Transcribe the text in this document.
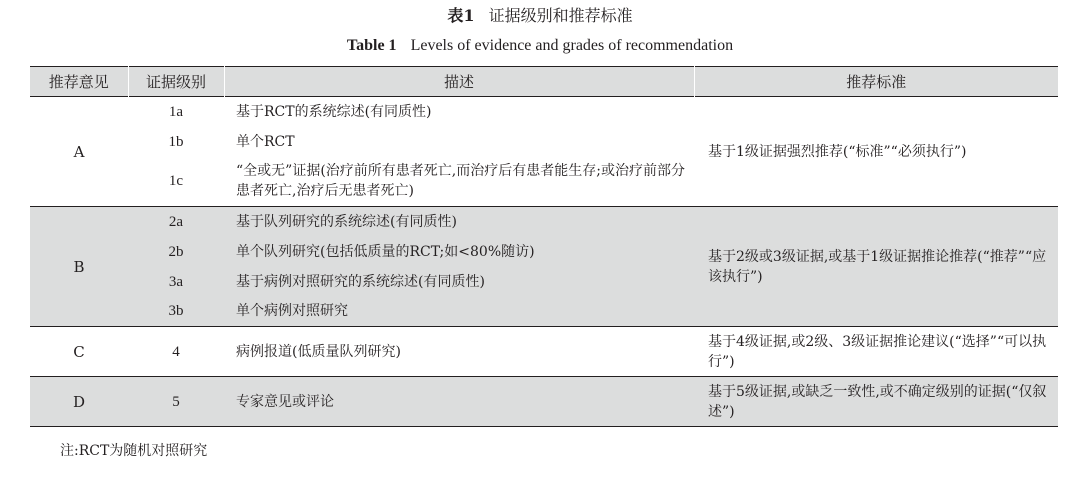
表1 证据级别和推荐标准
Table 1 Levels of evidence and grades of recommendation
推荐意见	证据级别	描述	推荐标准
A	1a	基于RCT的系统综述(有同质性)	基于1级证据强烈推荐(“标准”“必须执行”)
	1b	单个RCT	
	1c	“全或无”证据(治疗前所有患者死亡,而治疗后有患者能生存;或治疗前部分患者死亡,治疗后无患者死亡)	
B	2a	基于队列研究的系统综述(有同质性)	基于2级或3级证据,或基于1级证据推论推荐(“推荐”“应该执行”)
	2b	单个队列研究(包括低质量的RCT;如<80%随访)	
	3a	基于病例对照研究的系统综述(有同质性)	
	3b	单个病例对照研究	
C	4	病例报道(低质量队列研究)	基于4级证据,或2级、3级证据推论建议(“选择”“可以执行”)
D	5	专家意见或评论	基于5级证据,或缺乏一致性,或不确定级别的证据(“仅叙述”)
注:RCT为随机对照研究
